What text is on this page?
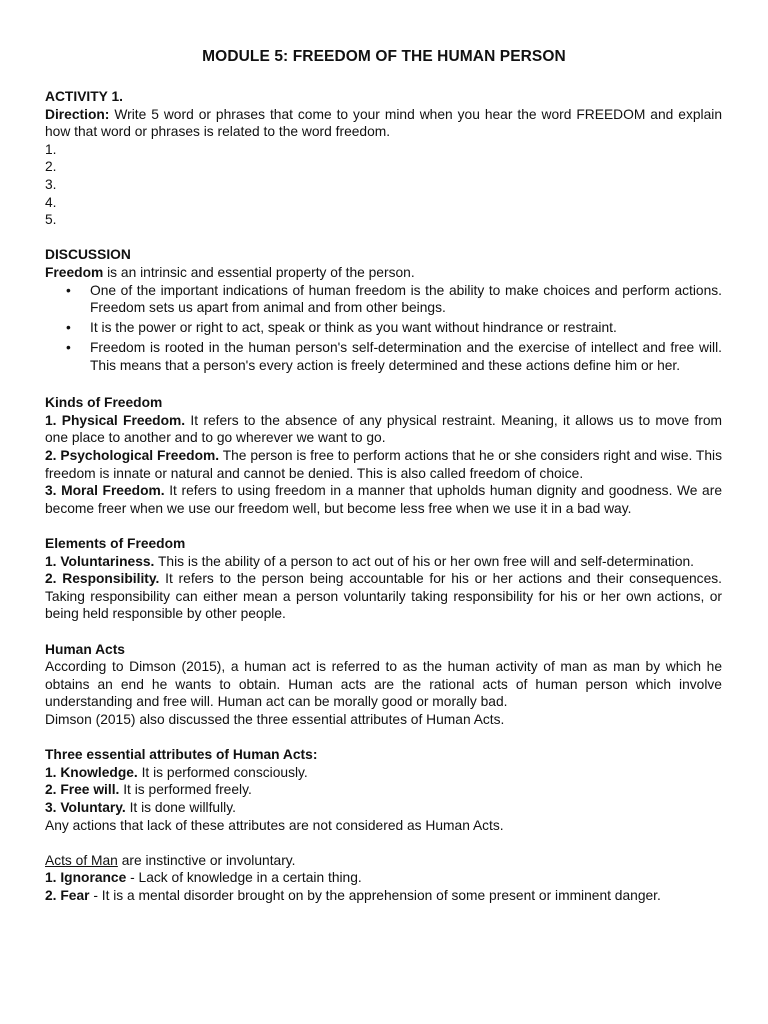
MODULE 5: FREEDOM OF THE HUMAN PERSON

ACTIVITY 1.

Direction: Write 5 word or phrases that come to your mind when you hear the word FREEDOM and explain how that word or phrases is related to the word freedom.

1.

2.

3.

4.

5.

DISCUSSION

Freedom is an intrinsic and essential property of the person.

• One of the important indications of human freedom is the ability to make choices and perform actions. Freedom sets us apart from animal and from other beings.
• It is the power or right to act, speak or think as you want without hindrance or restraint.
• Freedom is rooted in the human person's self-determination and the exercise of intellect and free will. This means that a person's every action is freely determined and these actions define him or her.

Kinds of Freedom

1. Physical Freedom. It refers to the absence of any physical restraint. Meaning, it allows us to move from one place to another and to go wherever we want to go.

2. Psychological Freedom. The person is free to perform actions that he or she considers right and wise. This freedom is innate or natural and cannot be denied. This is also called freedom of choice.

3. Moral Freedom. It refers to using freedom in a manner that upholds human dignity and goodness. We are become freer when we use our freedom well, but become less free when we use it in a bad way.

Elements of Freedom

1. Voluntariness. This is the ability of a person to act out of his or her own free will and self-determination.

2. Responsibility. It refers to the person being accountable for his or her actions and their consequences. Taking responsibility can either mean a person voluntarily taking responsibility for his or her own actions, or being held responsible by other people.

Human Acts

According to Dimson (2015), a human act is referred to as the human activity of man as man by which he obtains an end he wants to obtain. Human acts are the rational acts of human person which involve understanding and free will. Human act can be morally good or morally bad.

Dimson (2015) also discussed the three essential attributes of Human Acts.

Three essential attributes of Human Acts:

1. Knowledge. It is performed consciously.

2. Free will. It is performed freely.

3. Voluntary. It is done willfully.

Any actions that lack of these attributes are not considered as Human Acts.

Acts of Man are instinctive or involuntary.

1. Ignorance - Lack of knowledge in a certain thing.

2. Fear - It is a mental disorder brought on by the apprehension of some present or imminent danger.
